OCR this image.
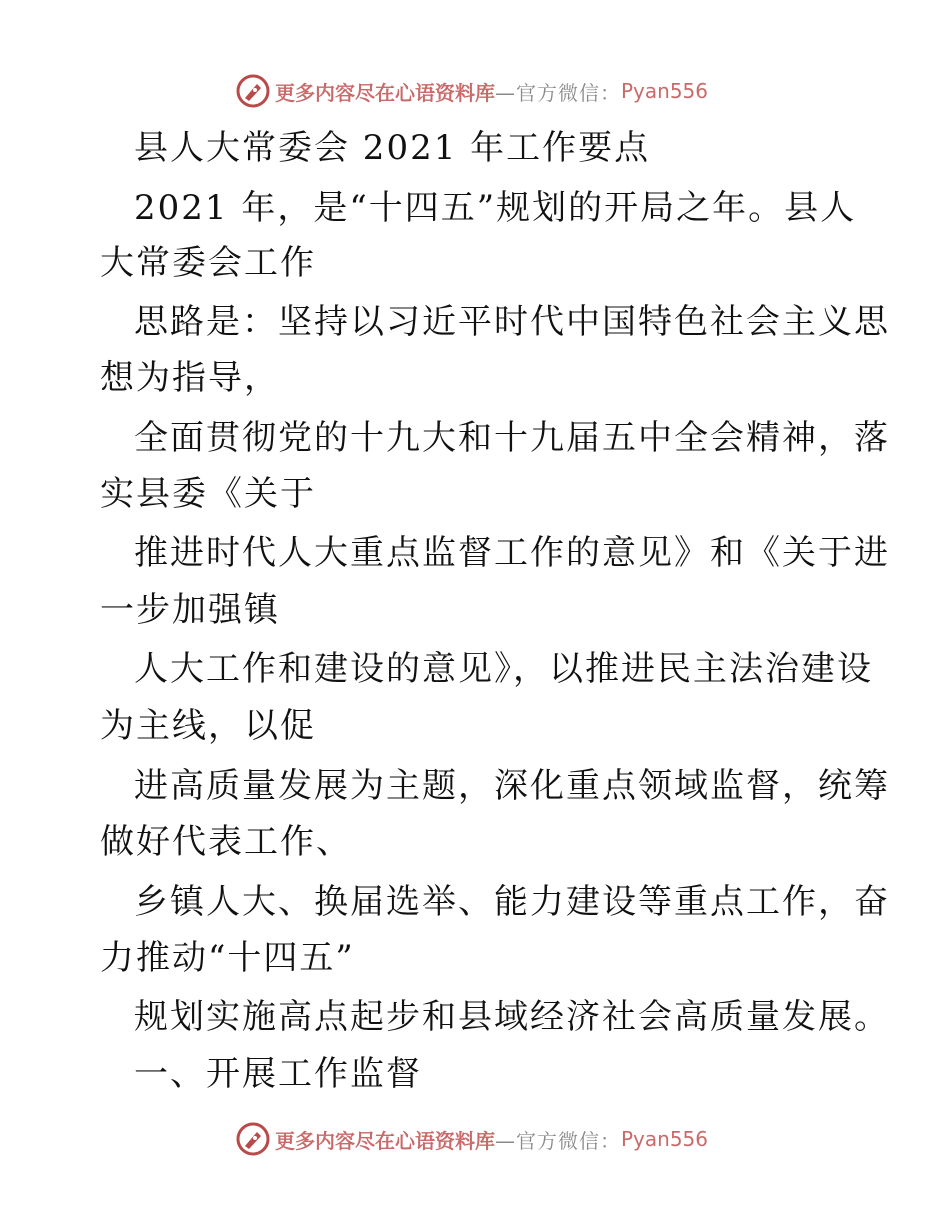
更多内容尽在心语资料库 —官方微信： Pyan556
县人大常委会 2021 年工作要点
2021 年，是“十四五”规划的开局之年。县人
大常委会工作
思路是：坚持以习近平时代中国特色社会主义思
想为指导，
全面贯彻党的十九大和十九届五中全会精神，落
实县委《关于
推进时代人大重点监督工作的意见》和《关于进
一步加强镇
人大工作和建设的意见》，以推进民主法治建设
为主线，以促
进高质量发展为主题，深化重点领域监督，统筹
做好代表工作、
乡镇人大、换届选举、能力建设等重点工作，奋
力推动“十四五”
规划实施高点起步和县域经济社会高质量发展。
一、开展工作监督
更多内容尽在心语资料库 —官方微信： Pyan556
